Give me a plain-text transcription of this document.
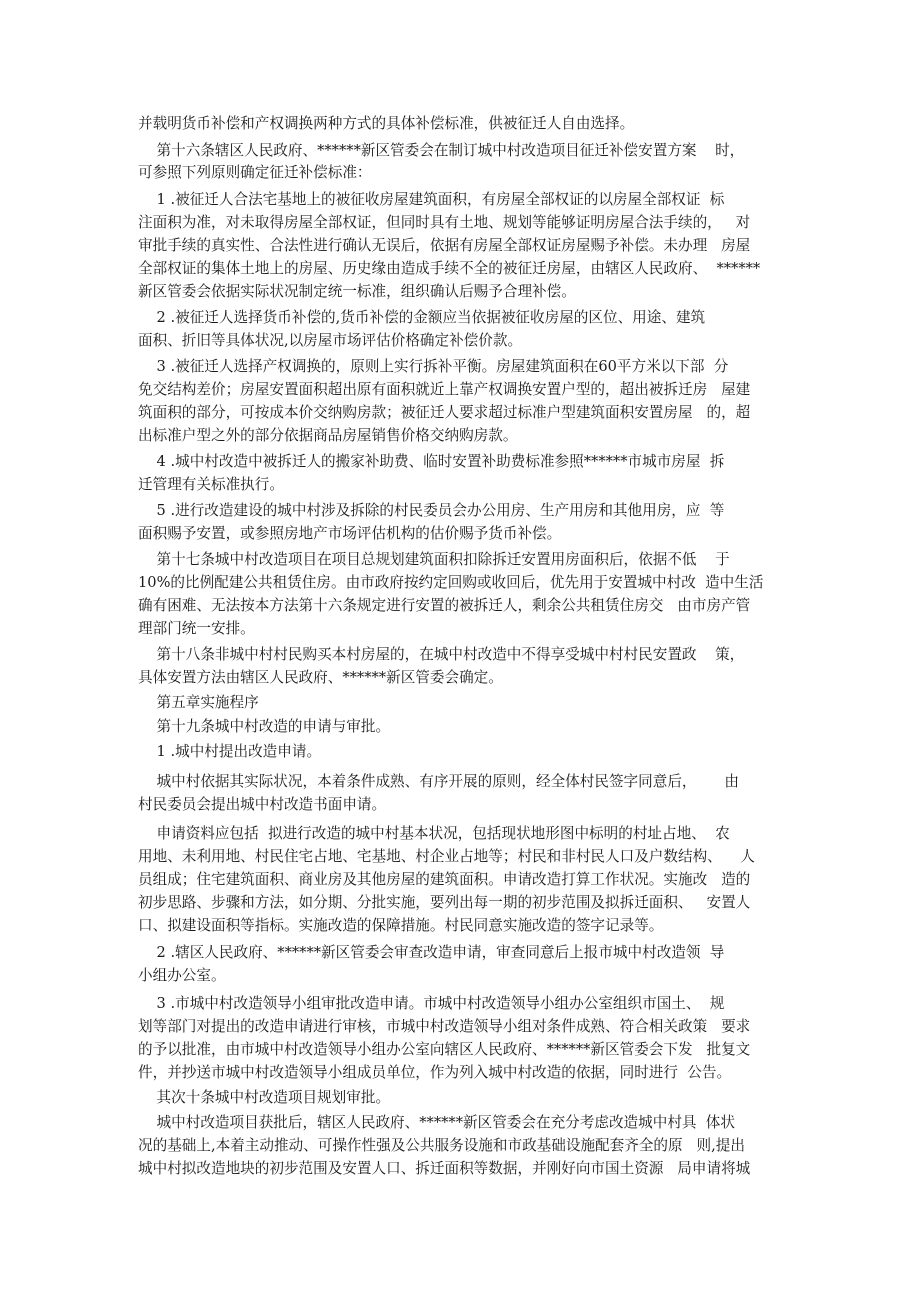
并载明货币补偿和产权调换两种方式的具体补偿标准，供被征迁人自由选择。
第十六条辖区人民政府、******新区管委会在制订城中村改造项目征迁补偿安置方案    时，
可参照下列原则确定征迁补偿标准：
1 .被征迁人合法宅基地上的被征收房屋建筑面积，有房屋全部权证的以房屋全部权证  标
注面积为准，对未取得房屋全部权证，但同时具有土地、规划等能够证明房屋合法手续的，   对
审批手续的真实性、合法性进行确认无误后，依据有房屋全部权证房屋赐予补偿。未办理   房屋
全部权证的集体土地上的房屋、历史缘由造成手续不全的被征迁房屋，由辖区人民政府、  ******
新区管委会依据实际状况制定统一标准，组织确认后赐予合理补偿。
2 .被征迁人选择货币补偿的,货币补偿的金额应当依据被征收房屋的区位、用途、建筑
面积、折旧等具体状况,以房屋市场评估价格确定补偿价款。
3 .被征迁人选择产权调换的，原则上实行拆补平衡。房屋建筑面积在60平方米以下部  分
免交结构差价；房屋安置面积超出原有面积就近上靠产权调换安置户型的，超出被拆迁房   屋建
筑面积的部分，可按成本价交纳购房款；被征迁人要求超过标准户型建筑面积安置房屋   的，超
出标准户型之外的部分依据商品房屋销售价格交纳购房款。
4 .城中村改造中被拆迁人的搬家补助费、临时安置补助费标准参照******市城市房屋  拆
迁管理有关标准执行。
5 .进行改造建设的城中村涉及拆除的村民委员会办公用房、生产用房和其他用房，应  等
面积赐予安置，或参照房地产市场评估机构的估价赐予货币补偿。
第十七条城中村改造项目在项目总规划建筑面积扣除拆迁安置用房面积后，依据不低    于
10%的比例配建公共租赁住房。由市政府按约定回购或收回后，优先用于安置城中村改  造中生活
确有困难、无法按本方法第十六条规定进行安置的被拆迁人，剩余公共租赁住房交   由市房产管
理部门统一安排。
第十八条非城中村村民购买本村房屋的，在城中村改造中不得享受城中村村民安置政    策，
具体安置方法由辖区人民政府、******新区管委会确定。
第五章实施程序
第十九条城中村改造的申请与审批。
1 .城中村提出改造申请。
城中村依据其实际状况，本着条件成熟、有序开展的原则，经全体村民签字同意后，      由
村民委员会提出城中村改造书面申请。
申请资料应包括  拟进行改造的城中村基本状况，包括现状地形图中标明的村址占地、  农
用地、未利用地、村民住宅占地、宅基地、村企业占地等；村民和非村民人口及户数结构、    人
员组成；住宅建筑面积、商业房及其他房屋的建筑面积。申请改造打算工作状况。实施改   造的
初步思路、步骤和方法，如分期、分批实施，要列出每一期的初步范围及拟拆迁面积、   安置人
口、拟建设面积等指标。实施改造的保障措施。村民同意实施改造的签字记录等。
2 .辖区人民政府、******新区管委会审查改造申请，审查同意后上报市城中村改造领  导
小组办公室。
3 .市城中村改造领导小组审批改造申请。市城中村改造领导小组办公室组织市国土、  规
划等部门对提出的改造申请进行审核，市城中村改造领导小组对条件成熟、符合相关政策   要求
的予以批准，由市城中村改造领导小组办公室向辖区人民政府、******新区管委会下发   批复文
件，并抄送市城中村改造领导小组成员单位，作为列入城中村改造的依据，同时进行  公告。
其次十条城中村改造项目规划审批。
城中村改造项目获批后，辖区人民政府、******新区管委会在充分考虑改造城中村具  体状
况的基础上,本着主动推动、可操作性强及公共服务设施和市政基础设施配套齐全的原   则,提出
城中村拟改造地块的初步范围及安置人口、拆迁面积等数据，并刚好向市国土资源   局申请将城
